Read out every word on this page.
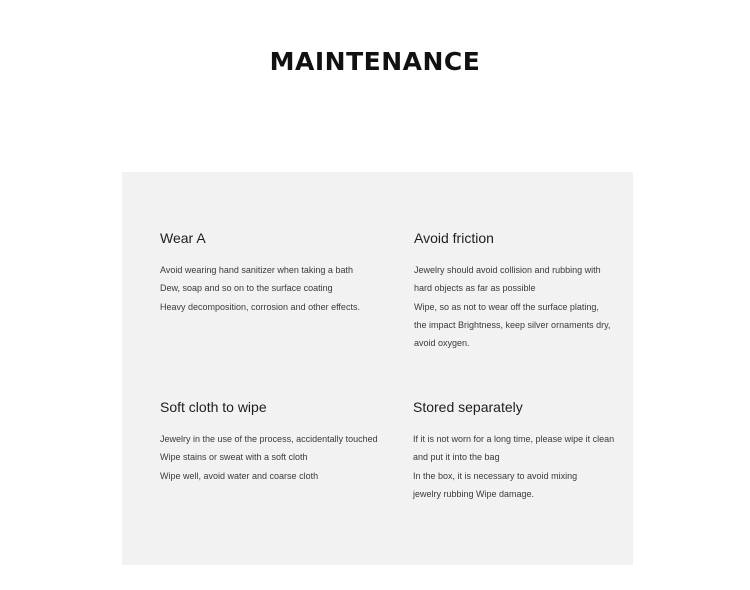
MAINTENANCE
Wear A

Avoid wearing hand sanitizer when taking a bath

Dew, soap and so on to the surface coating

Heavy decomposition, corrosion and other effects.

Avoid friction

Jewelry should avoid collision and rubbing with

hard objects as far as possible

Wipe, so as not to wear off the surface plating,

the impact Brightness, keep silver ornaments dry,

avoid oxygen.

Soft cloth to wipe

Jewelry in the use of the process, accidentally touched

Wipe stains or sweat with a soft cloth

Wipe well, avoid water and coarse cloth

Stored separately

If it is not worn for a long time, please wipe it clean

and put it into the bag

In the box, it is necessary to avoid mixing

jewelry rubbing Wipe damage.
